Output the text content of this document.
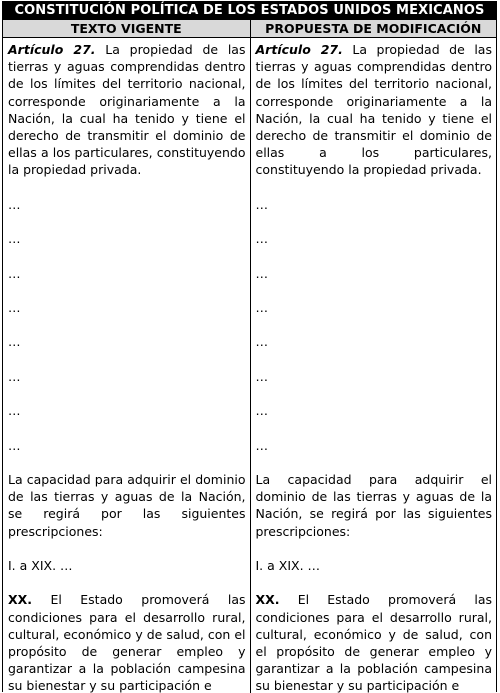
CONSTITUCIÓN POLÍTICA DE LOS ESTADOS UNIDOS MEXICANOS
TEXTO VIGENTE	PROPUESTA DE MODIFICACIÓN

Artículo 27. La propiedad de las tierras y aguas comprendidas dentro de los límites del territorio nacional, corresponde originariamente a la Nación, la cual ha tenido y tiene el derecho de transmitir el dominio de ellas a los particulares, constituyendo la propiedad privada.

…

…

…

…

…

…

…

…

La capacidad para adquirir el dominio de las tierras y aguas de la Nación, se regirá por las siguientes prescripciones:

I. a XIX. …

XX. El Estado promoverá las condiciones para el desarrollo rural, cultural, económico y de salud, con el propósito de generar empleo y garantizar a la población campesina su bienestar y su participación e

Artículo 27. La propiedad de las tierras y aguas comprendidas dentro de los límites del territorio nacional, corresponde originariamente a la Nación, la cual ha tenido y tiene el derecho de transmitir el dominio de ellas a los particulares, constituyendo la propiedad privada.

…

…

…

…

…

…

…

…

La capacidad para adquirir el dominio de las tierras y aguas de la Nación, se regirá por las siguientes prescripciones:

I. a XIX. …

XX. El Estado promoverá las condiciones para el desarrollo rural, cultural, económico y de salud, con el propósito de generar empleo y garantizar a la población campesina su bienestar y su participación e
